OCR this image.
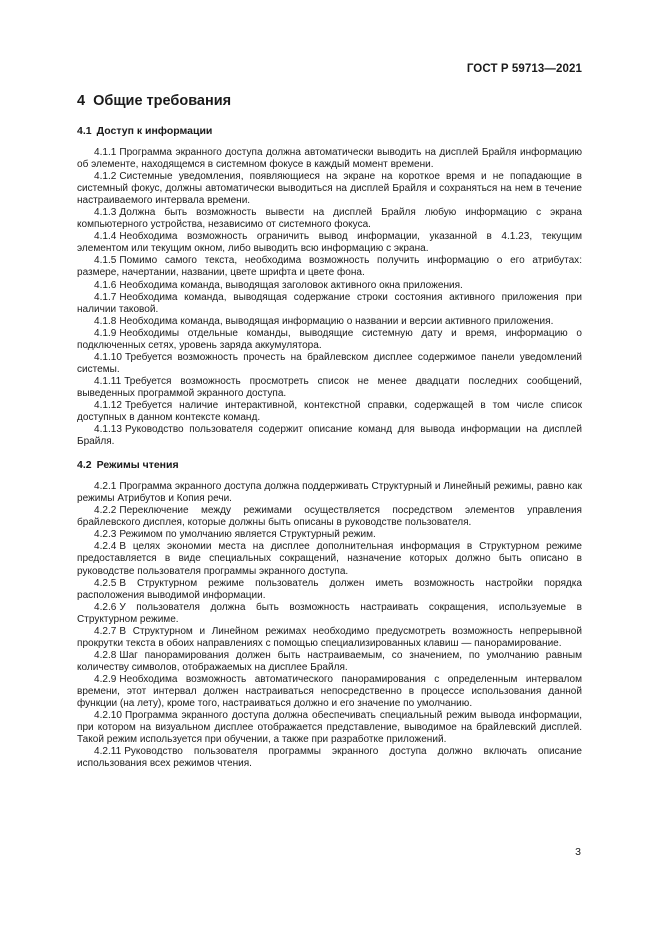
ГОСТ Р 59713—2021
4 Общие требования
4.1 Доступ к информации

4.1.1 Программа экранного доступа должна автоматически выводить на дисплей Брайля информацию об элементе, находящемся в системном фокусе в каждый момент времени.

4.1.2 Системные уведомления, появляющиеся на экране на короткое время и не попадающие в системный фокус, должны автоматически выводиться на дисплей Брайля и сохраняться на нем в течение настраиваемого интервала времени.

4.1.3 Должна быть возможность вывести на дисплей Брайля любую информацию с экрана компьютерного устройства, независимо от системного фокуса.

4.1.4 Необходима возможность ограничить вывод информации, указанной в 4.1.23, текущим элементом или текущим окном, либо выводить всю информацию с экрана.

4.1.5 Помимо самого текста, необходима возможность получить информацию о его атрибутах: размере, начертании, названии, цвете шрифта и цвете фона.

4.1.6 Необходима команда, выводящая заголовок активного окна приложения.

4.1.7 Необходима команда, выводящая содержание строки состояния активного приложения при наличии таковой.

4.1.8 Необходима команда, выводящая информацию о названии и версии активного приложения.

4.1.9 Необходимы отдельные команды, выводящие системную дату и время, информацию о подключенных сетях, уровень заряда аккумулятора.

4.1.10 Требуется возможность прочесть на брайлевском дисплее содержимое панели уведомлений системы.

4.1.11 Требуется возможность просмотреть список не менее двадцати последних сообщений, выведенных программой экранного доступа.

4.1.12 Требуется наличие интерактивной, контекстной справки, содержащей в том числе список доступных в данном контексте команд.

4.1.13 Руководство пользователя содержит описание команд для вывода информации на дисплей Брайля.

4.2 Режимы чтения

4.2.1 Программа экранного доступа должна поддерживать Структурный и Линейный режимы, равно как режимы Атрибутов и Копия речи.

4.2.2 Переключение между режимами осуществляется посредством элементов управления брайлевского дисплея, которые должны быть описаны в руководстве пользователя.

4.2.3 Режимом по умолчанию является Структурный режим.

4.2.4 В целях экономии места на дисплее дополнительная информация в Структурном режиме предоставляется в виде специальных сокращений, назначение которых должно быть описано в руководстве пользователя программы экранного доступа.

4.2.5 В Структурном режиме пользователь должен иметь возможность настройки порядка расположения выводимой информации.

4.2.6 У пользователя должна быть возможность настраивать сокращения, используемые в Структурном режиме.

4.2.7 В Структурном и Линейном режимах необходимо предусмотреть возможность непрерывной прокрутки текста в обоих направлениях с помощью специализированных клавиш — панорамирование.

4.2.8 Шаг панорамирования должен быть настраиваемым, со значением, по умолчанию равным количеству символов, отображаемых на дисплее Брайля.

4.2.9 Необходима возможность автоматического панорамирования с определенным интервалом времени, этот интервал должен настраиваться непосредственно в процессе использования данной функции (на лету), кроме того, настраиваться должно и его значение по умолчанию.

4.2.10 Программа экранного доступа должна обеспечивать специальный режим вывода информации, при котором на визуальном дисплее отображается представление, выводимое на брайлевский дисплей. Такой режим используется при обучении, а также при разработке приложений.

4.2.11 Руководство пользователя программы экранного доступа должно включать описание использования всех режимов чтения.

3
